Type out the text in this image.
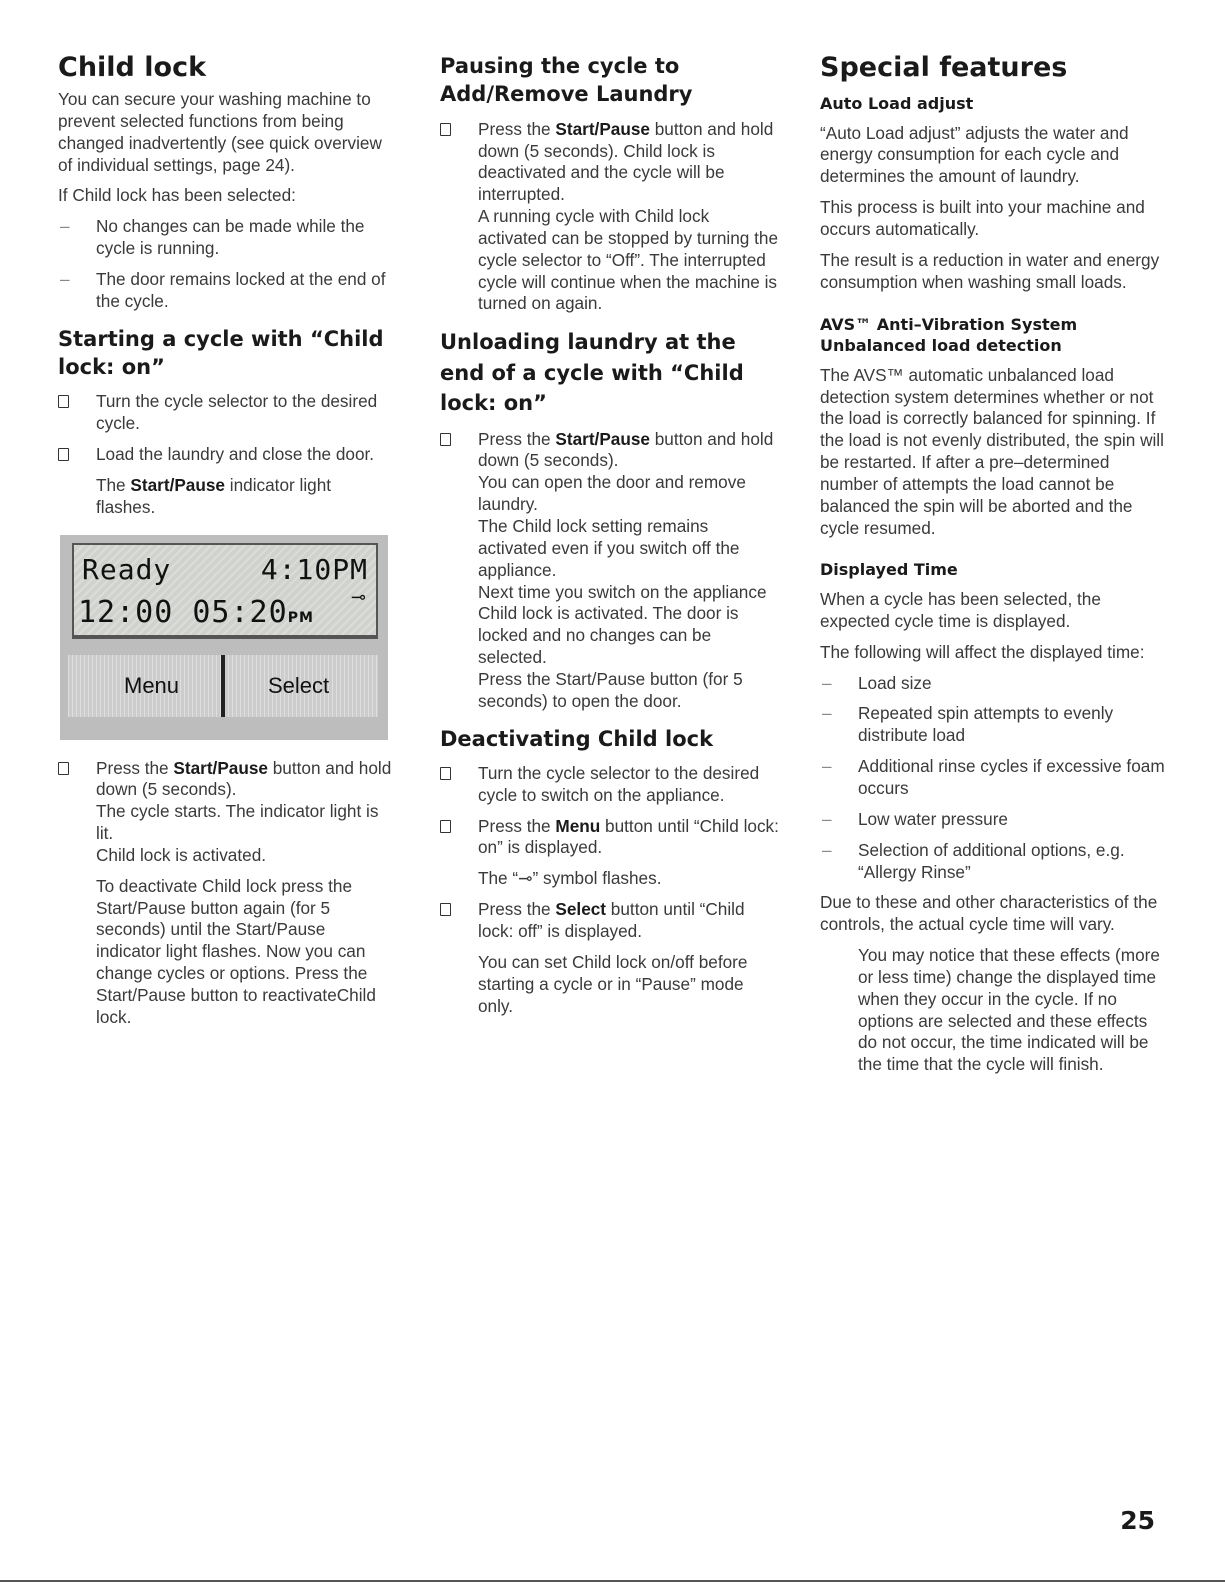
Child lock

You can secure your washing machine to prevent selected functions from being changed inadvertently (see quick overview of individual settings, page 24).

If Child lock has been selected:

– No changes can be made while the cycle is running.
– The door remains locked at the end of the cycle.
Starting a cycle with “Child lock: on”
Turn the cycle selector to the desired cycle.
Load the laundry and close the door.

The Start/Pause indicator light flashes.

Ready	4:10PM
12:00 05:20PM
⊸
Menu	Select
Press the Start/Pause button and hold down (5 seconds).
The cycle starts. The indicator light is lit.
Child lock is activated.

To deactivate Child lock press the Start/Pause button again (for 5 seconds) until the Start/Pause indicator light flashes. Now you can change cycles or options. Press the Start/Pause button to reactivateChild lock.

Pausing the cycle to Add/Remove Laundry
Press the Start/Pause button and hold down (5 seconds). Child lock is deactivated and the cycle will be interrupted.
A running cycle with Child lock activated can be stopped by turning the cycle selector to “Off”. The interrupted cycle will continue when the machine is turned on again.
Unloading laundry at the end of a cycle with “Child lock: on”
Press the Start/Pause button and hold down (5 seconds).
You can open the door and remove laundry.
The Child lock setting remains activated even if you switch off the appliance.
Next time you switch on the appliance Child lock is activated. The door is locked and no changes can be selected.
Press the Start/Pause button (for 5 seconds) to open the door.
Deactivating Child lock
Turn the cycle selector to the desired cycle to switch on the appliance.
Press the Menu button until “Child lock: on” is displayed.

The “⊸” symbol flashes.

Press the Select button until “Child lock: off” is displayed.

You can set Child lock on/off before starting a cycle or in “Pause” mode only.

Special features
Auto Load adjust

“Auto Load adjust” adjusts the water and energy consumption for each cycle and determines the amount of laundry.

This process is built into your machine and occurs automatically.

The result is a reduction in water and energy consumption when washing small loads.

AVS™ Anti–Vibration System
Unbalanced load detection

The AVS™ automatic unbalanced load detection system determines whether or not the load is correctly balanced for spinning. If the load is not evenly distributed, the spin will be restarted. If after a pre–determined number of attempts the load cannot be balanced the spin will be aborted and the cycle resumed.

Displayed Time

When a cycle has been selected, the expected cycle time is displayed.

The following will affect the displayed time:

– Load size
– Repeated spin attempts to evenly distribute load
– Additional rinse cycles if excessive foam occurs
– Low water pressure
– Selection of additional options, e.g. “Allergy Rinse”

Due to these and other characteristics of the controls, the actual cycle time will vary.

You may notice that these effects (more or less time) change the displayed time when they occur in the cycle. If no options are selected and these effects do not occur, the time indicated will be the time that the cycle will finish.

25
